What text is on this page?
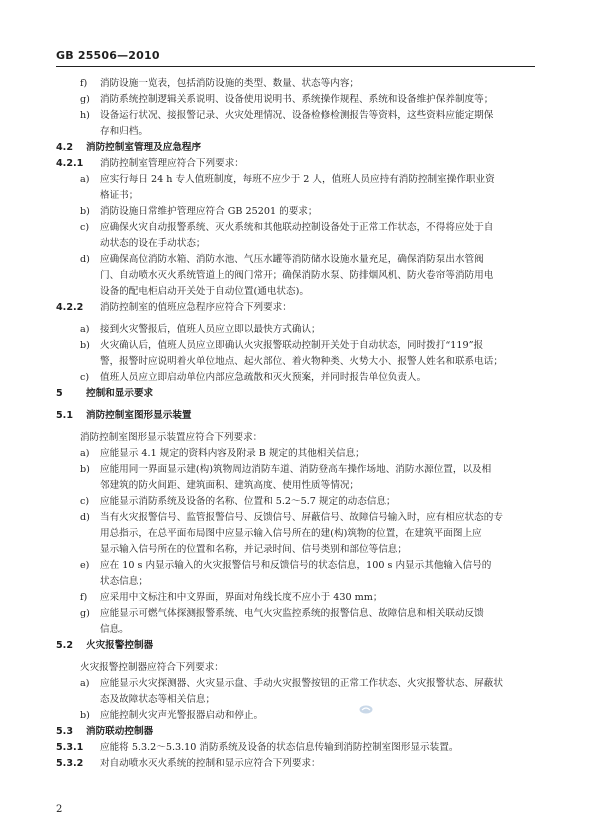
GB 25506—2010
f) 消防设施一览表，包括消防设施的类型、数量、状态等内容；
g) 消防系统控制逻辑关系说明、设备使用说明书、系统操作规程、系统和设备维护保养制度等；
h) 设备运行状况、接报警记录、火灾处理情况、设备检修检测报告等资料，这些资料应能定期保
存和归档。
4.2 消防控制室管理及应急程序
4.2.1 消防控制室管理应符合下列要求：
a) 应实行每日 24 h 专人值班制度，每班不应少于 2 人，值班人员应持有消防控制室操作职业资
格证书；
b) 消防设施日常维护管理应符合 GB 25201 的要求；
c) 应确保火灾自动报警系统、灭火系统和其他联动控制设备处于正常工作状态，不得将应处于自
动状态的设在手动状态；
d) 应确保高位消防水箱、消防水池、气压水罐等消防储水设施水量充足，确保消防泵出水管阀
门、自动喷水灭火系统管道上的阀门常开；确保消防水泵、防排烟风机、防火卷帘等消防用电
设备的配电柜启动开关处于自动位置(通电状态)。
4.2.2 消防控制室的值班应急程序应符合下列要求：
a) 接到火灾警报后，值班人员应立即以最快方式确认；
b) 火灾确认后，值班人员应立即确认火灾报警联动控制开关处于自动状态，同时拨打“119”报
警，报警时应说明着火单位地点、起火部位、着火物种类、火势大小、报警人姓名和联系电话；
c) 值班人员应立即启动单位内部应急疏散和灭火预案，并同时报告单位负责人。
5 控制和显示要求
5.1 消防控制室图形显示装置
消防控制室图形显示装置应符合下列要求：
a) 应能显示 4.1 规定的资料内容及附录 B 规定的其他相关信息；
b) 应能用同一界面显示建(构)筑物周边消防车道、消防登高车操作场地、消防水源位置，以及相
邻建筑的防火间距、建筑面积、建筑高度、使用性质等情况；
c) 应能显示消防系统及设备的名称、位置和 5.2～5.7 规定的动态信息；
d) 当有火灾报警信号、监管报警信号、反馈信号、屏蔽信号、故障信号输入时，应有相应状态的专
用总指示，在总平面布局图中应显示输入信号所在的建(构)筑物的位置，在建筑平面图上应
显示输入信号所在的位置和名称，并记录时间、信号类别和部位等信息；
e) 应在 10 s 内显示输入的火灾报警信号和反馈信号的状态信息，100 s 内显示其他输入信号的
状态信息；
f) 应采用中文标注和中文界面，界面对角线长度不应小于 430 mm；
g) 应能显示可燃气体探测报警系统、电气火灾监控系统的报警信息、故障信息和相关联动反馈
信息。
5.2 火灾报警控制器
火灾报警控制器应符合下列要求：
a) 应能显示火灾探测器、火灾显示盘、手动火灾报警按钮的正常工作状态、火灾报警状态、屏蔽状
态及故障状态等相关信息；
b) 应能控制火灾声光警报器启动和停止。
5.3 消防联动控制器
5.3.1 应能将 5.3.2～5.3.10 消防系统及设备的状态信息传输到消防控制室图形显示装置。
5.3.2 对自动喷水灭火系统的控制和显示应符合下列要求：
2
